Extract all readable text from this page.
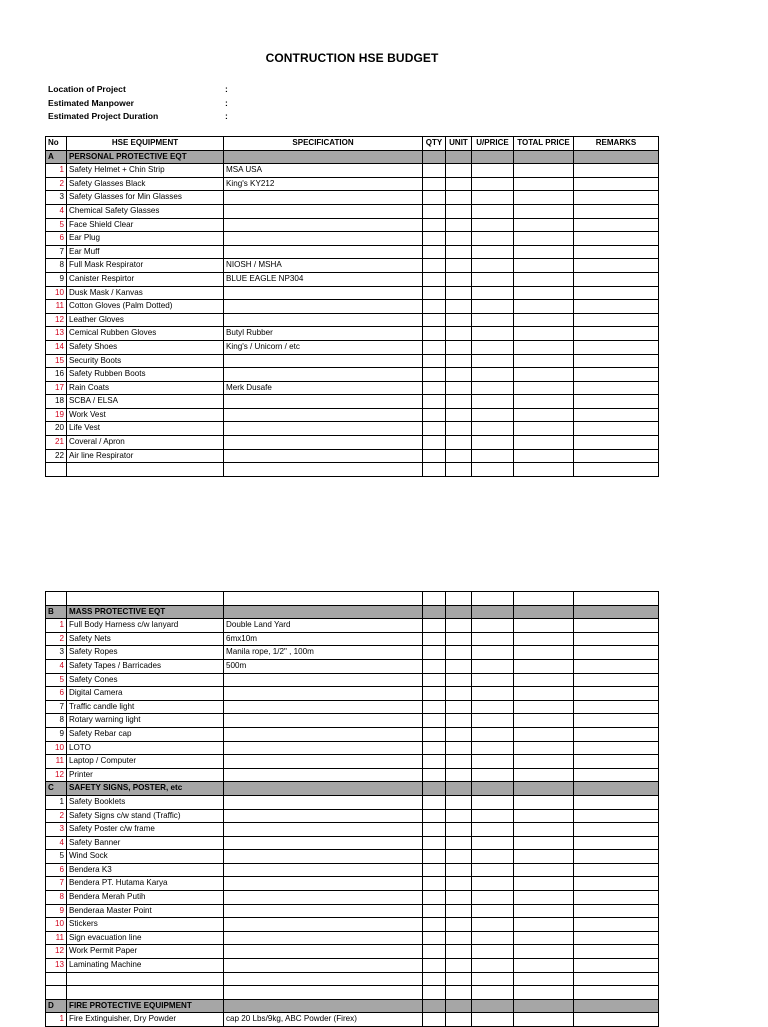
CONTRUCTION HSE BUDGET
Location of Project	:
Estimated Manpower	:
Estimated Project Duration	:
No	HSE EQUIPMENT	SPECIFICATION	QTY	UNIT	U/PRICE	TOTAL PRICE	REMARKS
A	PERSONAL PROTECTIVE EQT						
1	Safety Helmet + Chin Strip	MSA USA					
2	Safety Glasses Black	King's KY212					
3	Safety Glasses for Min Glasses						
4	Chemical Safety Glasses						
5	Face Shield Clear						
6	Ear Plug						
7	Ear Muff						
8	Full Mask Respirator	NIOSH / MSHA					
9	Canister Respirtor	BLUE EAGLE NP304					
10	Dusk Mask / Kanvas						
11	Cotton Gloves (Palm Dotted)						
12	Leather Gloves						
13	Cemical Rubben Gloves	Butyl Rubber					
14	Safety Shoes	King's / Unicorn / etc					
15	Security Boots						
16	Safety Rubben Boots						
17	Rain Coats	Merk Dusafe					
18	SCBA / ELSA						
19	Work Vest						
20	Life Vest						
21	Coveral / Apron						
22	Air line Respirator						

B	MASS PROTECTIVE EQT						
1	Full Body Harness c/w lanyard	Double Land Yard					
2	Safety Nets	6mx10m					
3	Safety Ropes	Manila rope, 1/2" , 100m					
4	Safety Tapes / Barricades	500m					
5	Safety Cones						
6	Digital Camera						
7	Traffic candle light						
8	Rotary warning light						
9	Safety Rebar cap						
10	LOTO						
11	Laptop / Computer						
12	Printer						
C	SAFETY SIGNS, POSTER, etc						
1	Safety Booklets						
2	Safety Signs c/w stand (Traffic)						
3	Safety Poster c/w frame						
4	Safety Banner						
5	Wind Sock						
6	Bendera K3						
7	Bendera PT. Hutama Karya						
8	Bendera Merah Putih						
9	Benderaa Master Point						
10	Stickers						
11	Sign evacuation line						
12	Work Permit Paper						
13	Laminating Machine						

D	FIRE PROTECTIVE EQUIPMENT						
1	Fire Extinguisher, Dry Powder	cap 20 Lbs/9kg, ABC Powder (Firex)					
